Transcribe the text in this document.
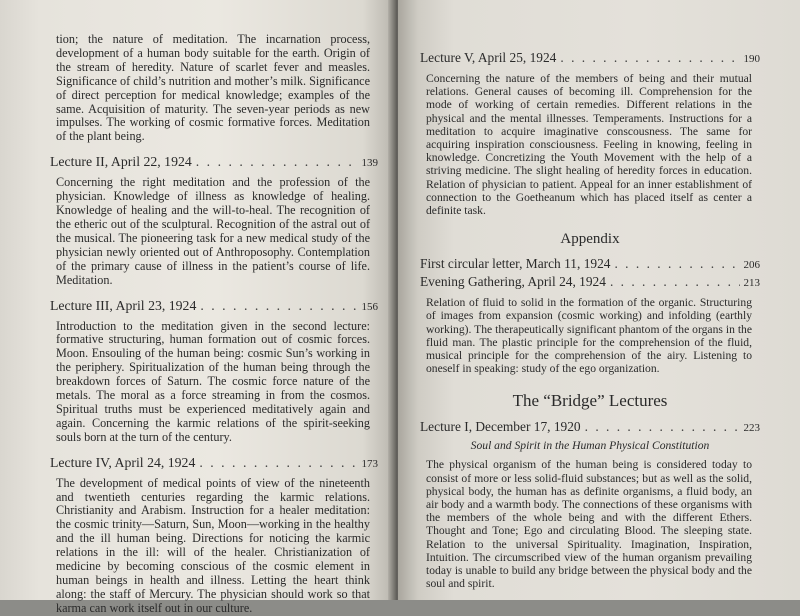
tion; the nature of meditation. The incarnation process, development of a human body suitable for the earth. Origin of the stream of heredity. Nature of scarlet fever and measles. Significance of child’s nutrition and mother’s milk. Significance of direct perception for medical knowledge; examples of the same. Acquisition of maturity. The seven-year periods as new impulses. The working of cosmic formative forces. Meditation of the plant being.

Lecture II, April 22, 1924 . . .	139

Concerning the right meditation and the profession of the physician. Knowledge of illness as knowledge of healing. Knowledge of healing and the will-to-heal. The recognition of the etheric out of the sculptural. Recognition of the astral out of the musical. The pioneering task for a new medical study of the physician newly oriented out of Anthroposophy. Contemplation of the primary cause of illness in the patient’s course of life. Meditation.

Lecture III, April 23, 1924 . . .	156

Introduction to the meditation given in the second lecture: formative structuring, human formation out of cosmic forces. Moon. Ensouling of the human being: cosmic Sun’s working in the periphery. Spiritualization of the human being through the breakdown forces of Saturn. The cosmic force nature of the metals. The moral as a force streaming in from the cosmos. Spiritual truths must be experienced meditatively again and again. Concerning the karmic relations of the spirit-seeking souls born at the turn of the century.

Lecture IV, April 24, 1924 . . .	173

The development of medical points of view of the nineteenth and twentieth centuries regarding the karmic relations. Christianity and Arabism. Instruction for a healer meditation: the cosmic trinity—Saturn, Sun, Moon—working in the healthy and the ill human being. Directions for noticing the karmic relations in the ill: will of the healer. Christianization of medicine by becoming conscious of the cosmic element in human beings in health and illness. Letting the heart think along: the staff of Mercury. The physician should work so that karma can work itself out in our culture.

Lecture V, April 25, 1924 . . .	190

Concerning the nature of the members of being and their mutual relations. General causes of becoming ill. Comprehension for the mode of working of certain remedies. Different relations in the physical and the mental illnesses. Temperaments. Instructions for a meditation to acquire imaginative conscousness. The same for acquiring inspiration consciousness. Feeling in knowing, feeling in knowledge. Concretizing the Youth Movement with the help of a striving medicine. The slight healing of heredity forces in education. Relation of physician to patient. Appeal for an inner establishment of connection to the Goetheanum which has placed itself as center a definite task.

Appendix
First circular letter, March 11, 1924 . . .	206
Evening Gathering, April 24, 1924 . . .	213

Relation of fluid to solid in the formation of the organic. Structuring of images from expansion (cosmic working) and infolding (earthly working). The therapeutically significant phantom of the organs in the fluid man. The plastic principle for the comprehension of the fluid, musical principle for the comprehension of the airy. Listening to oneself in speaking: study of the ego organization.

The “Bridge” Lectures
Lecture I, December 17, 1920 . . .	223
Soul and Spirit in the Human Physical Constitution

The physical organism of the human being is considered today to consist of more or less solid-fluid substances; but as well as the solid, physical body, the human has as definite organisms, a fluid body, an air body and a warmth body. The connections of these organisms with the members of the whole being and with the different Ethers. Thought and Tone; Ego and circulating Blood. The sleeping state. Relation to the universal Spirituality. Imagination, Inspiration, Intuition. The circumscribed view of the human organism prevailing today is unable to build any bridge between the physical body and the soul and spirit.
